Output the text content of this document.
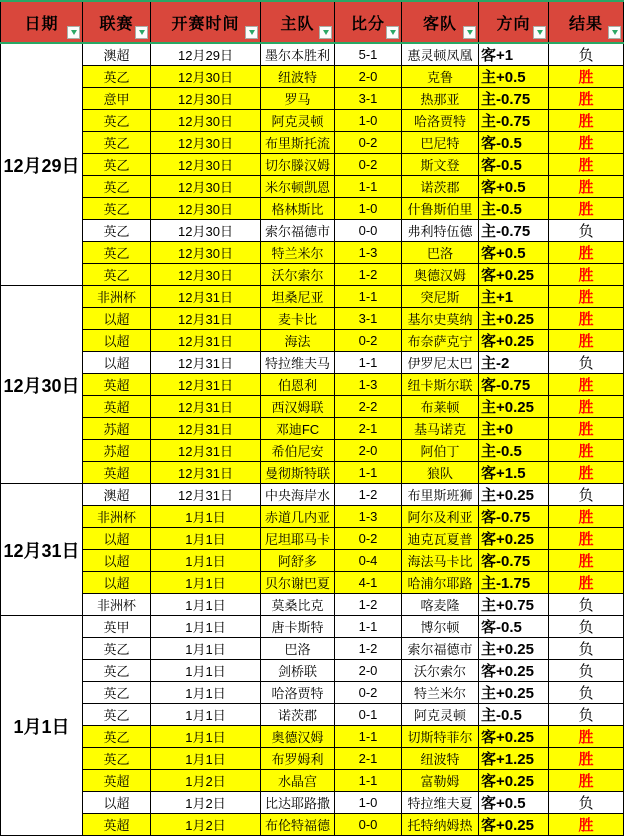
日期	联赛	开赛时间	主队	比分	客队	方向	结果

12月29日	澳超	12月29日	墨尔本胜利	5-1	惠灵顿凤凰	客+1	负
	英乙	12月30日	纽波特	2-0	克鲁	主+0.5	胜
	意甲	12月30日	罗马	3-1	热那亚	主-0.75	胜
	英乙	12月30日	阿克灵顿	1-0	哈洛贾特	主-0.75	胜
	英乙	12月30日	布里斯托流	0-2	巴尼特	客-0.5	胜
	英乙	12月30日	切尔滕汉姆	0-2	斯文登	客-0.5	胜
	英乙	12月30日	米尔顿凯恩	1-1	诺茨郡	客+0.5	胜
	英乙	12月30日	格林斯比	1-0	什鲁斯伯里	主-0.5	胜
	英乙	12月30日	索尔福德市	0-0	弗利特伍德	主-0.75	负
	英乙	12月30日	特兰米尔	1-3	巴洛	客+0.5	胜
	英乙	12月30日	沃尔索尔	1-2	奥德汉姆	客+0.25	胜
12月30日	非洲杯	12月31日	坦桑尼亚	1-1	突尼斯	主+1	胜
	以超	12月31日	麦卡比	3-1	基尔史莫纳	主+0.25	胜
	以超	12月31日	海法	0-2	布奈萨克宁	客+0.25	胜
	以超	12月31日	特拉维夫马	1-1	伊罗尼太巴	主-2	负
	英超	12月31日	伯恩利	1-3	纽卡斯尔联	客-0.75	胜
	英超	12月31日	西汉姆联	2-2	布莱顿	主+0.25	胜
	苏超	12月31日	邓迪FC	2-1	基马诺克	主+0	胜
	苏超	12月31日	希伯尼安	2-0	阿伯丁	主-0.5	胜
	英超	12月31日	曼彻斯特联	1-1	狼队	客+1.5	胜
12月31日	澳超	12月31日	中央海岸水	1-2	布里斯班狮	主+0.25	负
	非洲杯	1月1日	赤道几内亚	1-3	阿尔及利亚	客-0.75	胜
	以超	1月1日	尼坦耶马卡	0-2	迪克瓦夏普	客+0.25	胜
	以超	1月1日	阿舒多	0-4	海法马卡比	客-0.75	胜
	以超	1月1日	贝尔谢巴夏	4-1	哈浦尔耶路	主-1.75	胜
	非洲杯	1月1日	莫桑比克	1-2	喀麦隆	主+0.75	负
1月1日	英甲	1月1日	唐卡斯特	1-1	博尔顿	客-0.5	负
	英乙	1月1日	巴洛	1-2	索尔福德市	主+0.25	负
	英乙	1月1日	剑桥联	2-0	沃尔索尔	客+0.25	负
	英乙	1月1日	哈洛贾特	0-2	特兰米尔	主+0.25	负
	英乙	1月1日	诺茨郡	0-1	阿克灵顿	主-0.5	负
	英乙	1月1日	奥德汉姆	1-1	切斯特菲尔	客+0.25	胜
	英乙	1月1日	布罗姆利	2-1	纽波特	客+1.25	胜
	英超	1月2日	水晶宫	1-1	富勒姆	客+0.25	胜
	以超	1月2日	比达耶路撒	1-0	特拉维夫夏	客+0.5	负
	英超	1月2日	布伦特福德	0-0	托特纳姆热	客+0.25	胜
